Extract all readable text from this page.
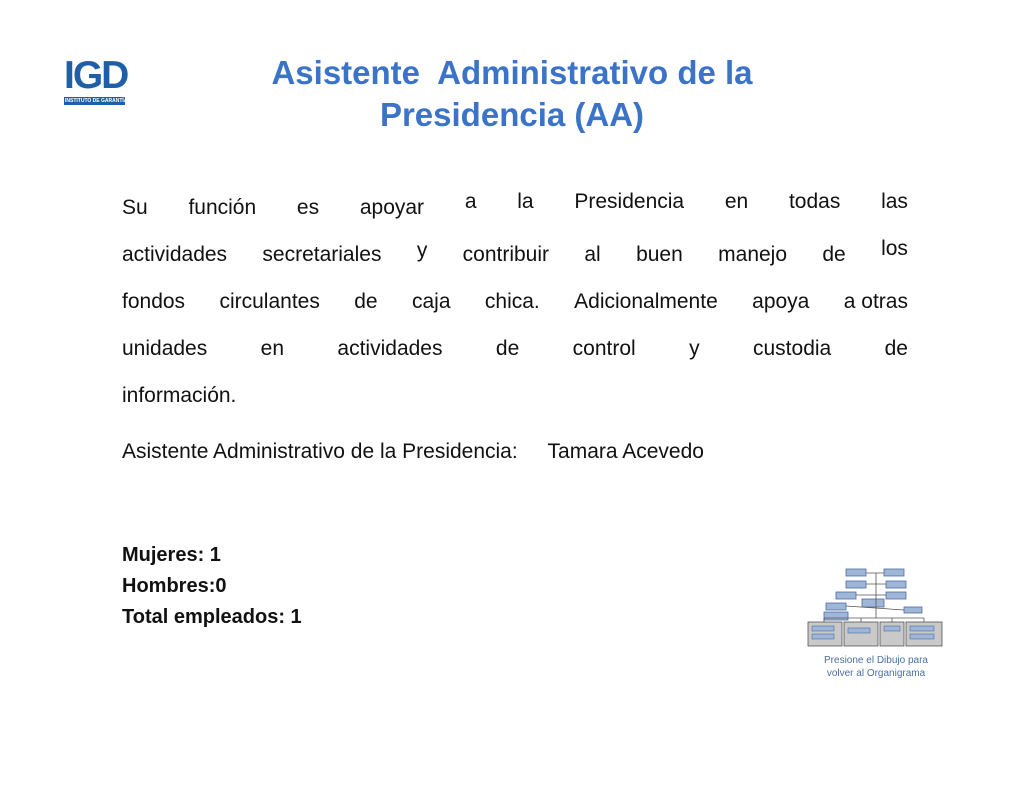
IGD
INSTITUTO DE GARANTÍA DE DEPÓSITOS
Asistente  Administrativo de la
Presidencia (AA)
Su función es apoyar a la Presidencia en todas las
actividades secretariales y contribuir al buen manejo de los
fondos circulantes de caja chica. Adicionalmente apoya a otras
unidades	en	actividades	de	control	y	custodia	de
información.
Asistente Administrativo de la Presidencia: Tamara Acevedo
Mujeres: 1
Hombres:0
Total empleados: 1
Presione el Dibujo para
volver al Organigrama
